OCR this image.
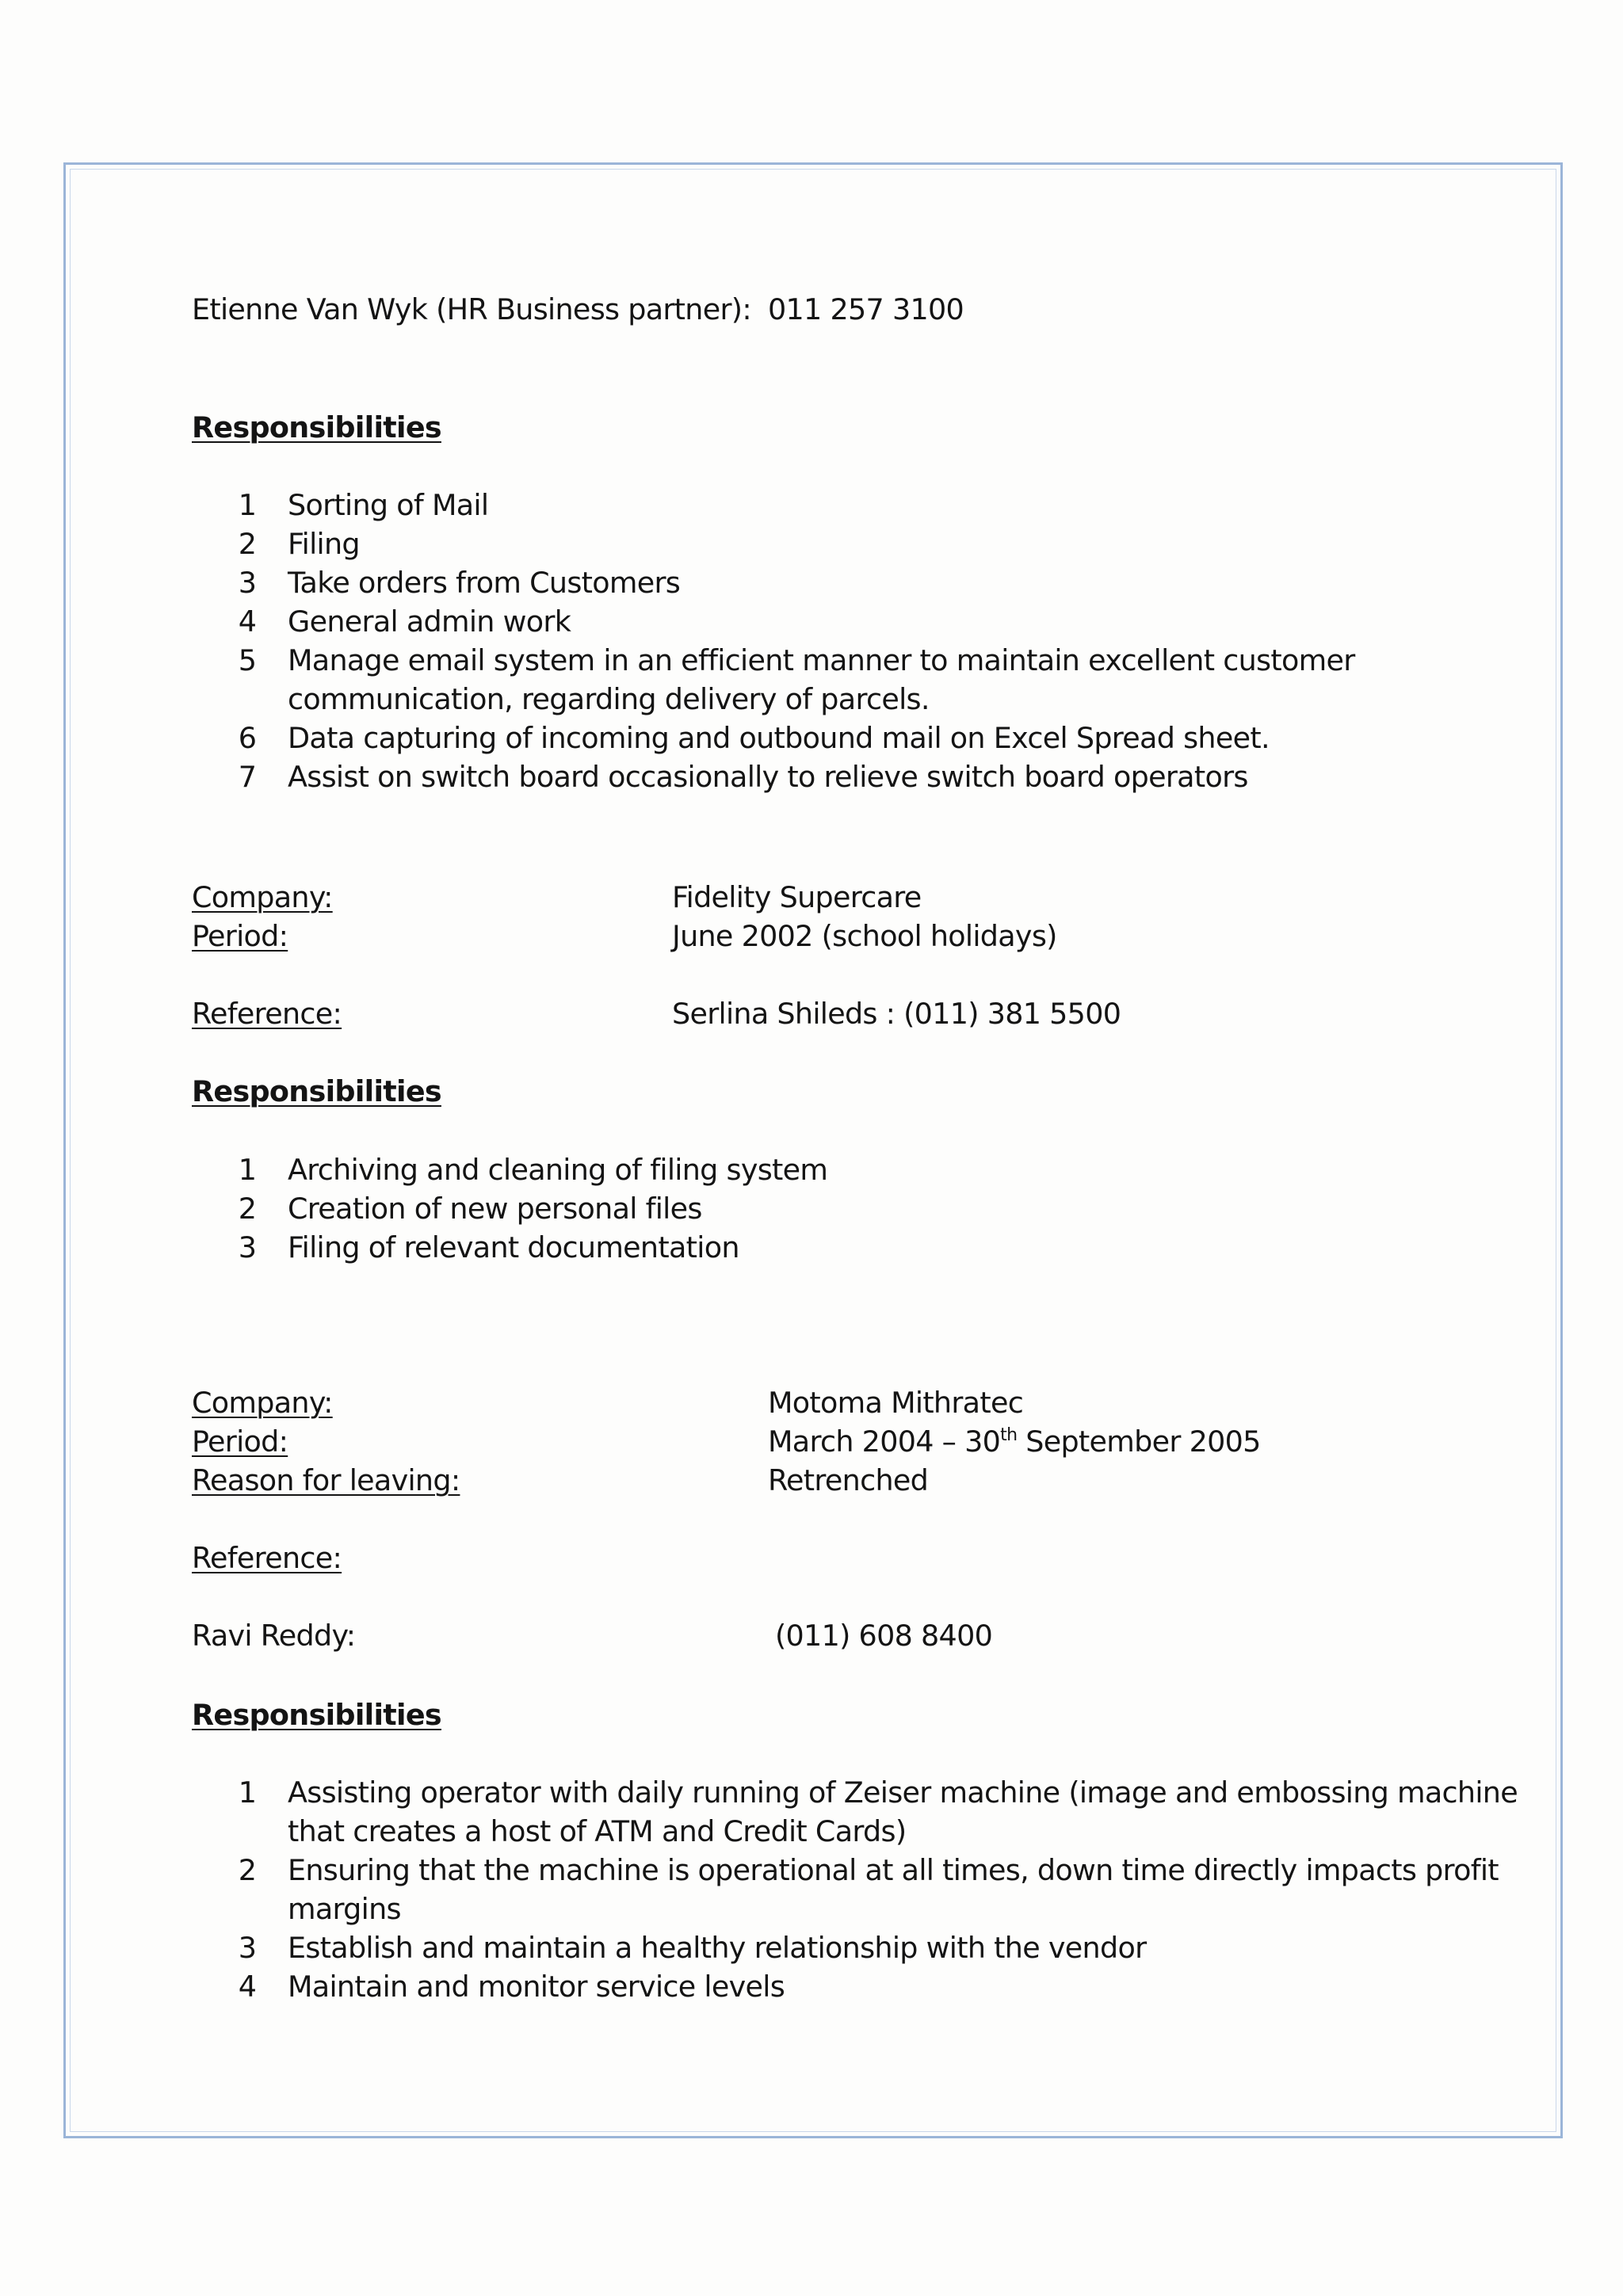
Etienne Van Wyk (HR Business partner): 011 257 3100
Responsibilities
1 Sorting of Mail
2 Filing
3 Take orders from Customers
4 General admin work
5 Manage email system in an efficient manner to maintain excellent customer
communication, regarding delivery of parcels.
6 Data capturing of incoming and outbound mail on Excel Spread sheet.
7 Assist on switch board occasionally to relieve switch board operators
Company:	Fidelity Supercare
Period:	June 2002 (school holidays)
Reference:	Serlina Shileds : (011) 381 5500
Responsibilities
1 Archiving and cleaning of filing system
2 Creation of new personal files
3 Filing of relevant documentation
Company:	Motoma Mithratec
Period:	March 2004 – 30th September 2005
Reason for leaving:	Retrenched
Reference:
Ravi Reddy:	(011) 608 8400
Responsibilities
1 Assisting operator with daily running of Zeiser machine (image and embossing machine
that creates a host of ATM and Credit Cards)
2 Ensuring that the machine is operational at all times, down time directly impacts profit
margins
3 Establish and maintain a healthy relationship with the vendor
4 Maintain and monitor service levels
